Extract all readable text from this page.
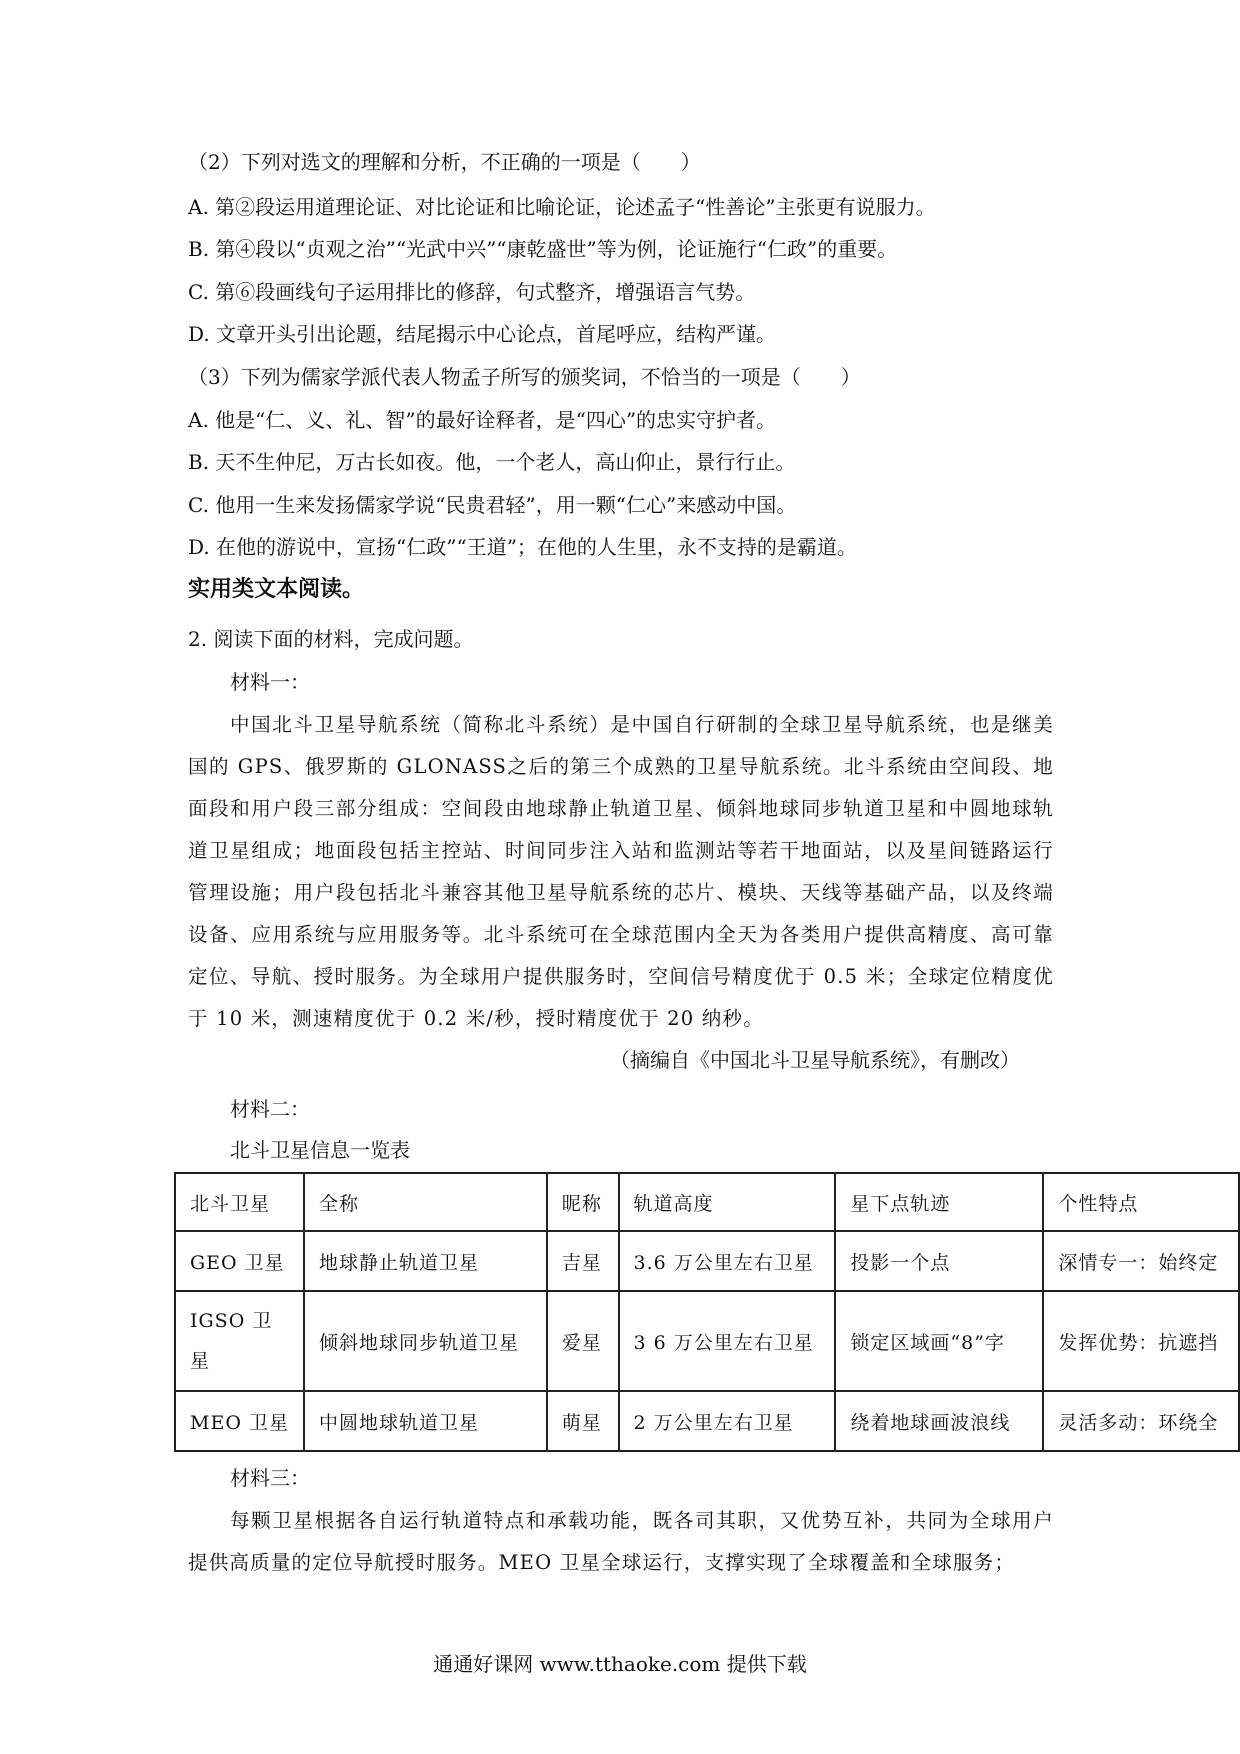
（2）下列对选文的理解和分析，不正确的一项是（　　）
A. 第②段运用道理论证、对比论证和比喻论证，论述孟子“性善论”主张更有说服力。
B. 第④段以“贞观之治”“光武中兴”“康乾盛世”等为例，论证施行“仁政”的重要。
C. 第⑥段画线句子运用排比的修辞，句式整齐，增强语言气势。
D. 文章开头引出论题，结尾揭示中心论点，首尾呼应，结构严谨。
（3）下列为儒家学派代表人物孟子所写的颁奖词，不恰当的一项是（　　）
A. 他是“仁、义、礼、智”的最好诠释者，是“四心”的忠实守护者。
B. 天不生仲尼，万古长如夜。他，一个老人，高山仰止，景行行止。
C. 他用一生来发扬儒家学说“民贵君轻”，用一颗“仁心”来感动中国。
D. 在他的游说中，宣扬“仁政”“王道”；在他的人生里，永不支持的是霸道。
实用类文本阅读。
2. 阅读下面的材料，完成问题。
材料一：
中国北斗卫星导航系统（简称北斗系统）是中国自行研制的全球卫星导航系统，也是继美国的 GPS、俄罗斯的 GLONASS之后的第三个成熟的卫星导航系统。北斗系统由空间段、地面段和用户段三部分组成：空间段由地球静止轨道卫星、倾斜地球同步轨道卫星和中圆地球轨道卫星组成；地面段包括主控站、时间同步注入站和监测站等若干地面站，以及星间链路运行管理设施；用户段包括北斗兼容其他卫星导航系统的芯片、模块、天线等基础产品，以及终端设备、应用系统与应用服务等。北斗系统可在全球范围内全天为各类用户提供高精度、高可靠定位、导航、授时服务。为全球用户提供服务时，空间信号精度优于 0.5 米；全球定位精度优于 10 米，测速精度优于 0.2 米/秒，授时精度优于 20 纳秒。
（摘编自《中国北斗卫星导航系统》，有删改）
材料二：
北斗卫星信息一览表
北斗卫星	全称	昵称	轨道高度	星下点轨迹	个性特点
GEO 卫星	地球静止轨道卫星	吉星	3.6 万公里左右卫星	投影一个点	深情专一：始终定
IGSO 卫星	倾斜地球同步轨道卫星	爱星	3 6 万公里左右卫星	锁定区域画“8”字	发挥优势：抗遮挡
MEO 卫星	中圆地球轨道卫星	萌星	2 万公里左右卫星	绕着地球画波浪线	灵活多动：环绕全
材料三：
每颗卫星根据各自运行轨道特点和承载功能，既各司其职，又优势互补，共同为全球用户提供高质量的定位导航授时服务。MEO 卫星全球运行，支撑实现了全球覆盖和全球服务；
通通好课网 www.tthaoke.com 提供下载
